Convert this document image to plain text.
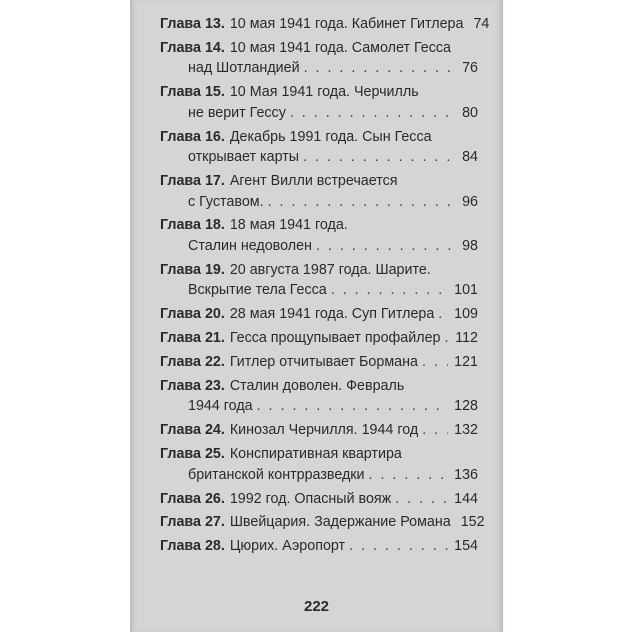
Глава 13. 10 мая 1941 года. Кабинет Гитлера 74
Глава 14. 10 мая 1941 года. Самолет Гесса
над Шотландией . . .	76
Глава 15. 10 Мая 1941 года. Черчилль
не верит Гессу . . .	80
Глава 16. Декабрь 1991 года. Сын Гесса
открывает карты . . .	84
Глава 17. Агент Вилли встречается
с Густавом. . . .	96
Глава 18. 18 мая 1941 года.
Сталин недоволен . . .	98
Глава 19. 20 августа 1987 года. Шарите.
Вскрытие тела Гесса . . .	101
Глава 20. 28 мая 1941 года. Суп Гитлера . . . 109
Глава 21. Гесса прощупывает профайлер . . . 112
Глава 22. Гитлер отчитывает Бормана . . .	121
Глава 23. Сталин доволен. Февраль
1944 года . . .	128
Глава 24. Кинозал Черчилля. 1944 год . . .	132
Глава 25. Конспиративная квартира
британской контрразведки . . .	136
Глава 26. 1992 год. Опасный вояж . . .	144
Глава 27. Швейцария. Задержание Романа 152
Глава 28. Цюрих. Аэропорт . . .	154
222
